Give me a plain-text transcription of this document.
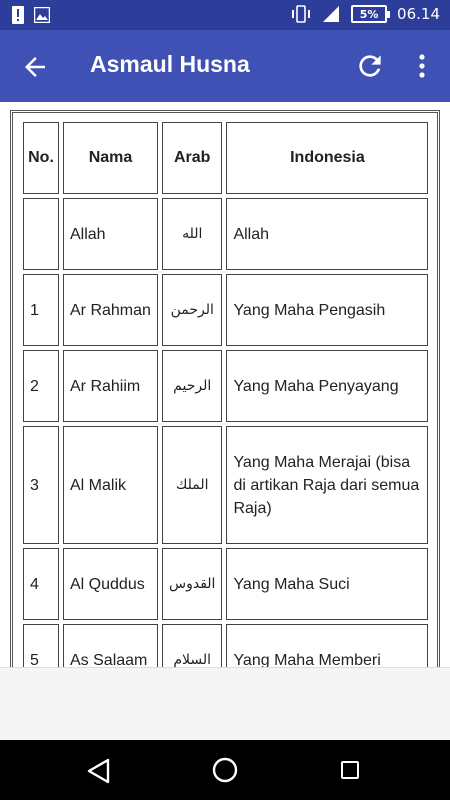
5% 06.14
Asmaul Husna
No.	Nama	Arab	Indonesia
	Allah	الله	Allah
1	Ar Rahman	الرحمن	Yang Maha Pengasih
2	Ar Rahiim	الرحيم	Yang Maha Penyayang
3	Al Malik	الملك	Yang Maha Merajai (bisa di artikan Raja dari semua Raja)
4	Al Quddus	القدوس	Yang Maha Suci
5	As Salaam	السلام	Yang Maha Memberi
